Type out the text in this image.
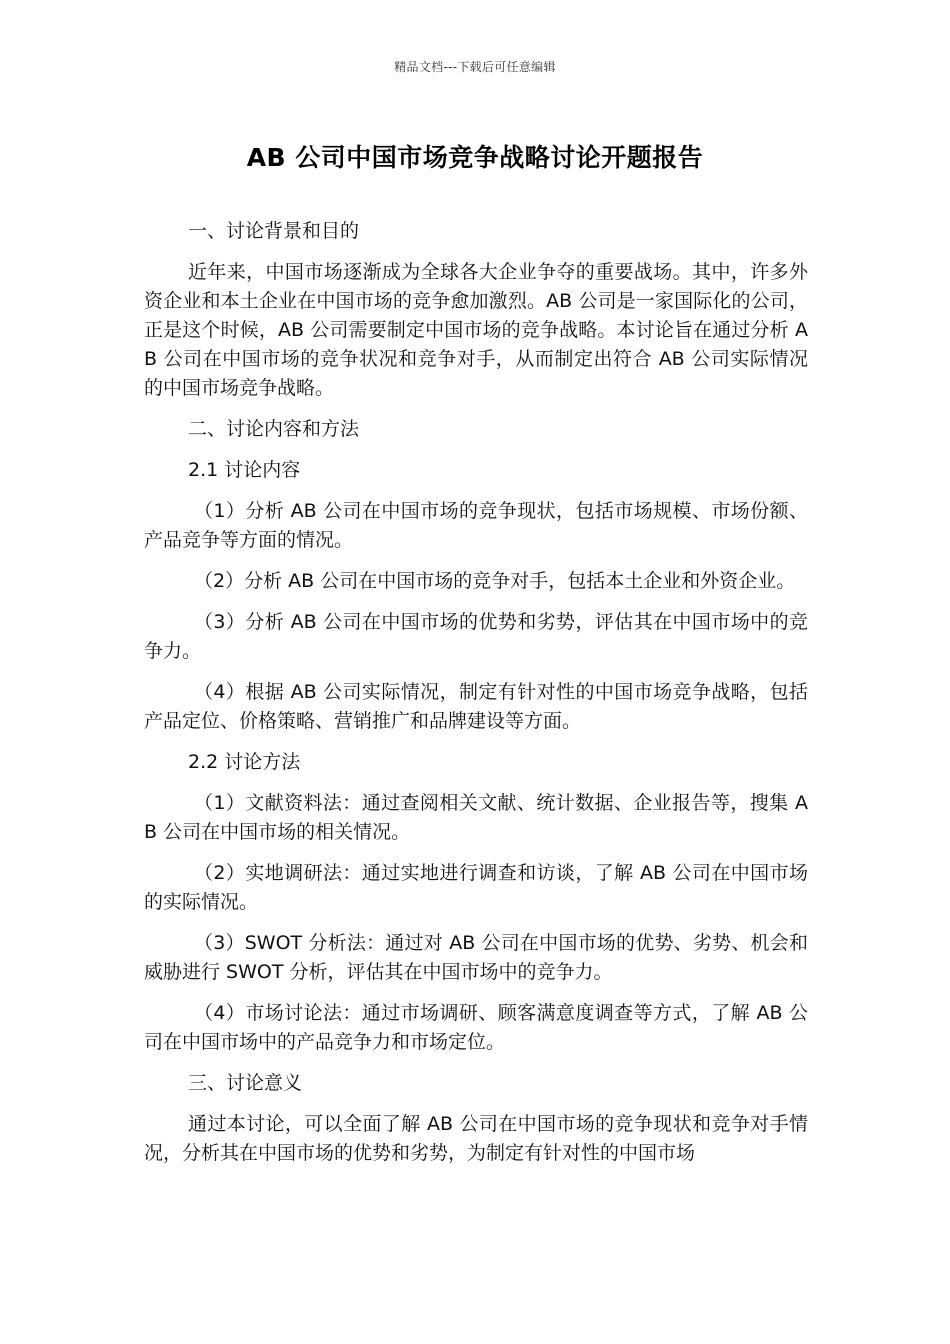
精品文档---下载后可任意编辑
AB 公司中国市场竞争战略讨论开题报告

一、讨论背景和目的

近年来，中国市场逐渐成为全球各大企业争夺的重要战场。其中，许多外资企业和本土企业在中国市场的竞争愈加激烈。AB 公司是一家国际化的公司，正是这个时候，AB 公司需要制定中国市场的竞争战略。本讨论旨在通过分析 AB 公司在中国市场的竞争状况和竞争对手，从而制定出符合 AB 公司实际情况的中国市场竞争战略。

二、讨论内容和方法

2.1 讨论内容

（1）分析 AB 公司在中国市场的竞争现状，包括市场规模、市场份额、产品竞争等方面的情况。

（2）分析 AB 公司在中国市场的竞争对手，包括本土企业和外资企业。

（3）分析 AB 公司在中国市场的优势和劣势，评估其在中国市场中的竞争力。

（4）根据 AB 公司实际情况，制定有针对性的中国市场竞争战略，包括产品定位、价格策略、营销推广和品牌建设等方面。

2.2 讨论方法

（1）文献资料法：通过查阅相关文献、统计数据、企业报告等，搜集 AB 公司在中国市场的相关情况。

（2）实地调研法：通过实地进行调查和访谈，了解 AB 公司在中国市场的实际情况。

（3）SWOT 分析法：通过对 AB 公司在中国市场的优势、劣势、机会和威胁进行 SWOT 分析，评估其在中国市场中的竞争力。

（4）市场讨论法：通过市场调研、顾客满意度调查等方式，了解 AB 公司在中国市场中的产品竞争力和市场定位。

三、讨论意义

通过本讨论，可以全面了解 AB 公司在中国市场的竞争现状和竞争对手情况，分析其在中国市场的优势和劣势，为制定有针对性的中国市场
